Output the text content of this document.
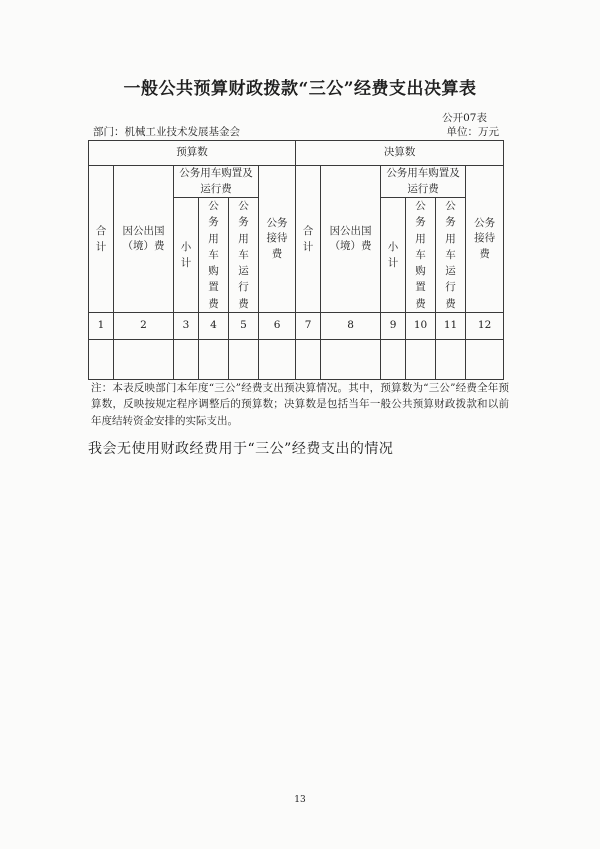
一般公共预算财政拨款“三公”经费支出决算表
公开07表
部门：机械工业技术发展基金会	单位：万元
预算数						决算数					
合计	因公出国（境）费	公务用车购置及运行费			公务接待费	合计	因公出国（境）费	公务用车购置及运行费			公务接待费
		小计	公务用车购置费	公务用车运行费				小计	公务用车购置费	公务用车运行费	
1	2	3	4	5	6	7	8	9	10	11	12

注：本表反映部门本年度“三公”经费支出预决算情况。其中，预算数为“三公”经费全年预算数，反映按规定程序调整后的预算数；决算数是包括当年一般公共预算财政拨款和以前年度结转资金安排的实际支出。
我会无使用财政经费用于“三公”经费支出的情况
13
